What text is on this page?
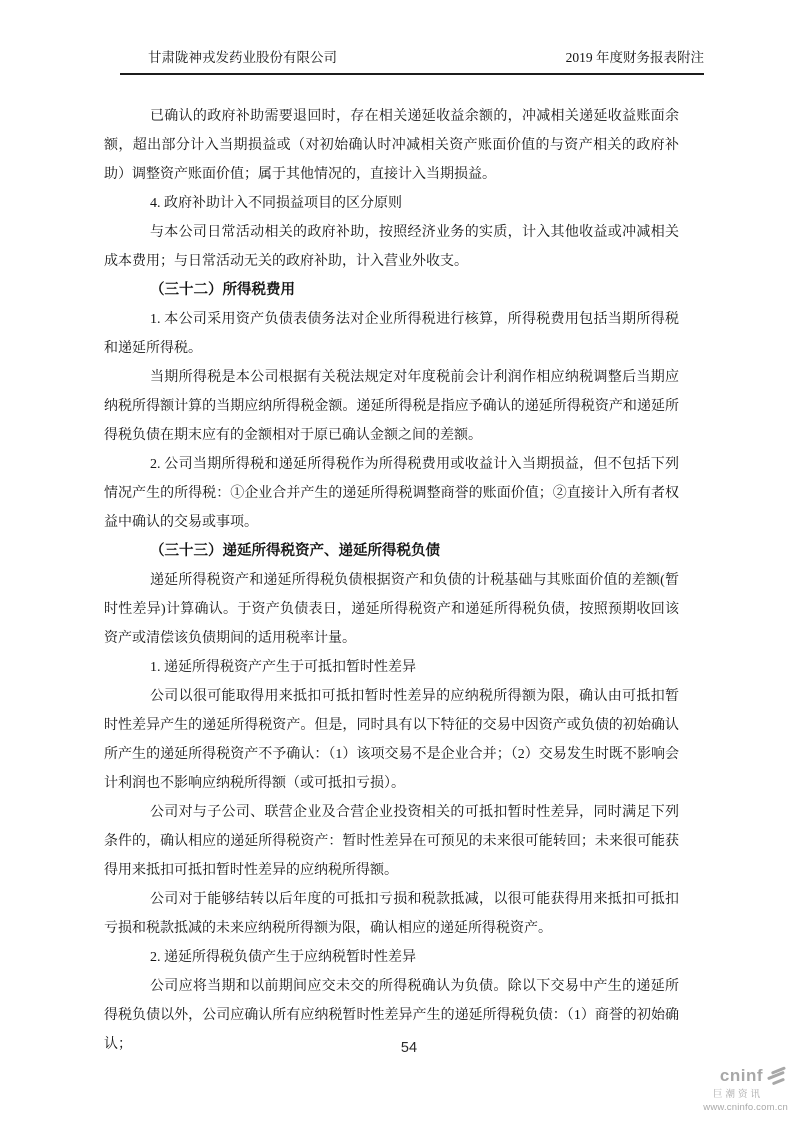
甘肃陇神戎发药业股份有限公司	2019 年度财务报表附注

已确认的政府补助需要退回时，存在相关递延收益余额的，冲减相关递延收益账面余额，超出部分计入当期损益或（对初始确认时冲减相关资产账面价值的与资产相关的政府补助）调整资产账面价值；属于其他情况的，直接计入当期损益。

4. 政府补助计入不同损益项目的区分原则

与本公司日常活动相关的政府补助，按照经济业务的实质，计入其他收益或冲减相关成本费用；与日常活动无关的政府补助，计入营业外收支。

（三十二）所得税费用

1. 本公司采用资产负债表债务法对企业所得税进行核算，所得税费用包括当期所得税和递延所得税。

当期所得税是本公司根据有关税法规定对年度税前会计利润作相应纳税调整后当期应纳税所得额计算的当期应纳所得税金额。递延所得税是指应予确认的递延所得税资产和递延所得税负债在期末应有的金额相对于原已确认金额之间的差额。

2. 公司当期所得税和递延所得税作为所得税费用或收益计入当期损益，但不包括下列情况产生的所得税：①企业合并产生的递延所得税调整商誉的账面价值；②直接计入所有者权益中确认的交易或事项。

（三十三）递延所得税资产、递延所得税负债

递延所得税资产和递延所得税负债根据资产和负债的计税基础与其账面价值的差额(暂时性差异)计算确认。于资产负债表日，递延所得税资产和递延所得税负债，按照预期收回该资产或清偿该负债期间的适用税率计量。

1. 递延所得税资产产生于可抵扣暂时性差异

公司以很可能取得用来抵扣可抵扣暂时性差异的应纳税所得额为限，确认由可抵扣暂时性差异产生的递延所得税资产。但是，同时具有以下特征的交易中因资产或负债的初始确认所产生的递延所得税资产不予确认：（1）该项交易不是企业合并；（2）交易发生时既不影响会计利润也不影响应纳税所得额（或可抵扣亏损）。

公司对与子公司、联营企业及合营企业投资相关的可抵扣暂时性差异，同时满足下列条件的，确认相应的递延所得税资产：暂时性差异在可预见的未来很可能转回；未来很可能获得用来抵扣可抵扣暂时性差异的应纳税所得额。

公司对于能够结转以后年度的可抵扣亏损和税款抵减，以很可能获得用来抵扣可抵扣亏损和税款抵减的未来应纳税所得额为限，确认相应的递延所得税资产。

2. 递延所得税负债产生于应纳税暂时性差异

公司应将当期和以前期间应交未交的所得税确认为负债。除以下交易中产生的递延所得税负债以外，公司应确认所有应纳税暂时性差异产生的递延所得税负债：（1）商誉的初始确认；	54
cninf
巨潮资讯
www.cninfo.com.cn
